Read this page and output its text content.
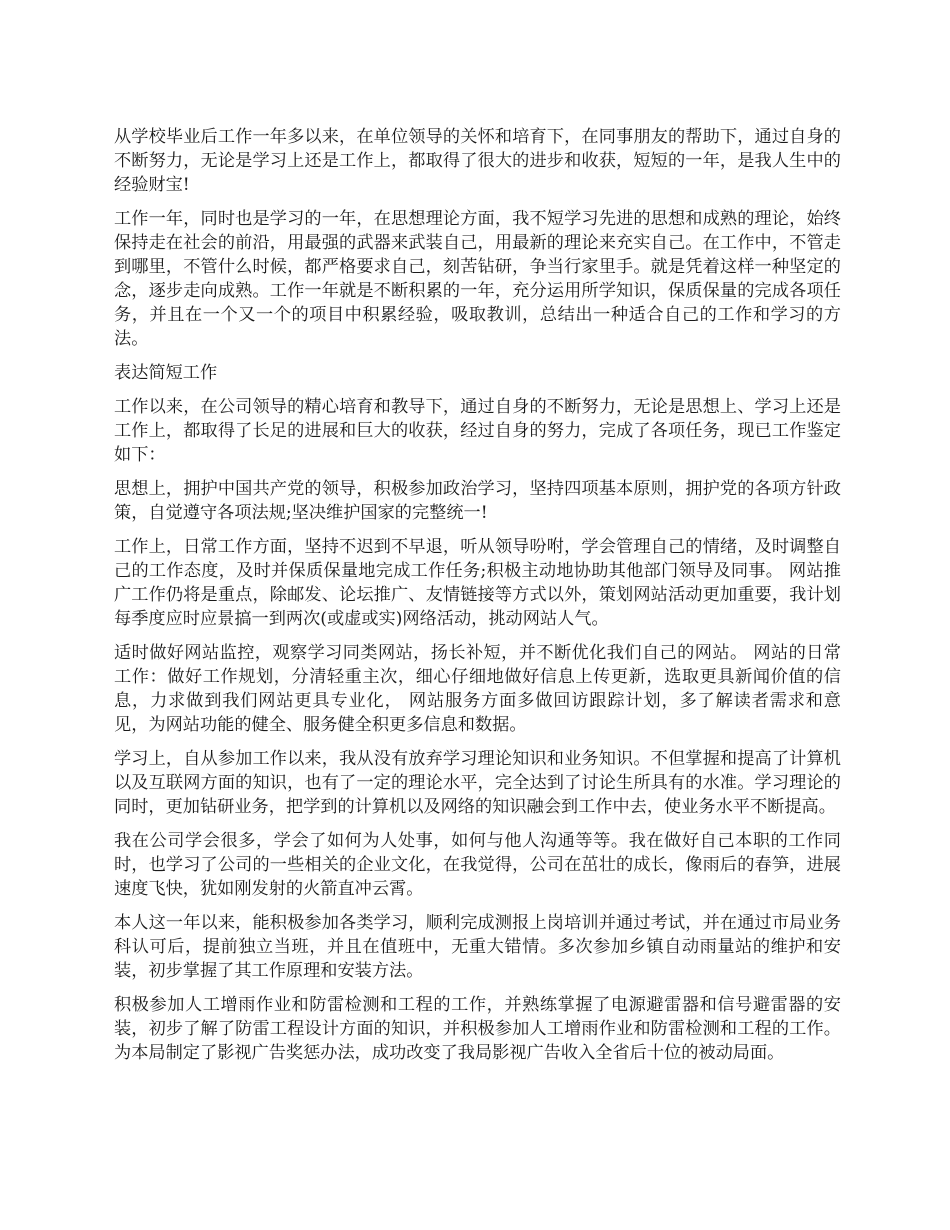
从学校毕业后工作一年多以来，在单位领导的关怀和培育下，在同事朋友的帮助下，通过自身的不断努力，无论是学习上还是工作上，都取得了很大的进步和收获，短短的一年，是我人生中的经验财宝!

工作一年，同时也是学习的一年，在思想理论方面，我不短学习先进的思想和成熟的理论，始终保持走在社会的前沿，用最强的武器来武装自己，用最新的理论来充实自己。在工作中，不管走到哪里，不管什么时候，都严格要求自己，刻苦钻研，争当行家里手。就是凭着这样一种坚定的念，逐步走向成熟。工作一年就是不断积累的一年，充分运用所学知识，保质保量的完成各项任务，并且在一个又一个的项目中积累经验，吸取教训，总结出一种适合自己的工作和学习的方法。

表达简短工作

工作以来，在公司领导的精心培育和教导下，通过自身的不断努力，无论是思想上、学习上还是工作上，都取得了长足的进展和巨大的收获，经过自身的努力，完成了各项任务，现已工作鉴定如下：

思想上，拥护中国共产党的领导，积极参加政治学习，坚持四项基本原则，拥护党的各项方针政策，自觉遵守各项法规;坚决维护国家的完整统一!

工作上，日常工作方面，坚持不迟到不早退，听从领导吩咐，学会管理自己的情绪，及时调整自己的工作态度，及时并保质保量地完成工作任务;积极主动地协助其他部门领导及同事。 网站推广工作仍将是重点，除邮发、论坛推广、友情链接等方式以外，策划网站活动更加重要，我计划每季度应时应景搞一到两次(或虚或实)网络活动，挑动网站人气。

适时做好网站监控，观察学习同类网站，扬长补短，并不断优化我们自己的网站。 网站的日常工作：做好工作规划，分清轻重主次，细心仔细地做好信息上传更新，选取更具新闻价值的信息，力求做到我们网站更具专业化， 网站服务方面多做回访跟踪计划，多了解读者需求和意见，为网站功能的健全、服务健全积更多信息和数据。

学习上，自从参加工作以来，我从没有放弃学习理论知识和业务知识。不但掌握和提高了计算机以及互联网方面的知识，也有了一定的理论水平，完全达到了讨论生所具有的水准。学习理论的同时，更加钻研业务，把学到的计算机以及网络的知识融会到工作中去，使业务水平不断提高。

我在公司学会很多，学会了如何为人处事，如何与他人沟通等等。我在做好自己本职的工作同时，也学习了公司的一些相关的企业文化，在我觉得，公司在茁壮的成长，像雨后的春笋，进展速度飞快，犹如刚发射的火箭直冲云霄。

本人这一年以来，能积极参加各类学习，顺利完成测报上岗培训并通过考试，并在通过市局业务科认可后，提前独立当班，并且在值班中，无重大错情。多次参加乡镇自动雨量站的维护和安装，初步掌握了其工作原理和安装方法。

积极参加人工增雨作业和防雷检测和工程的工作，并熟练掌握了电源避雷器和信号避雷器的安装，初步了解了防雷工程设计方面的知识，并积极参加人工增雨作业和防雷检测和工程的工作。为本局制定了影视广告奖惩办法，成功改变了我局影视广告收入全省后十位的被动局面。
